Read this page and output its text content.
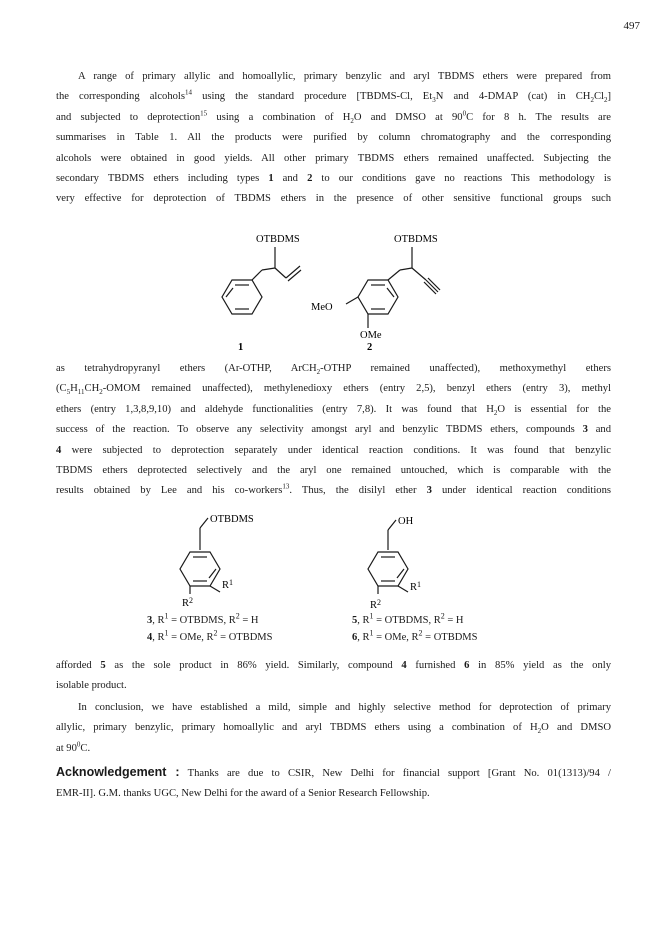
497
A range of primary allylic and homoallylic, primary benzylic and aryl TBDMS ethers were prepared from
the corresponding alcohols$^{14}$ using the standard procedure [TBDMS-Cl, $Et_3N$ and 4-DMAP (cat) in $CH_2Cl_2$]
and subjected to deprotection$^{15}$ using a combination of $H_2O$ and DMSO at $90^0C$ for 8 h. The results are
summarises in Table 1. All the products were purified by column chromatography and the corresponding
alcohols were obtained in good yields. All other primary TBDMS ethers remained unaffected. Subjecting the
secondary TBDMS ethers including types 1 and 2 to our conditions gave no reactions This methodology is
very effective for deprotection of TBDMS ethers in the presence of other sensitive functional groups such
OTBDMS
1
OTBDMS
MeO
OMe
2
as tetrahydropyranyl ethers (Ar-OTHP, ArCH$_2$-OTHP remained unaffected), methoxymethyl ethers
($C_5H_{11}CH_2$-OMOM remained unaffected), methylenedioxy ethers (entry 2,5), benzyl ethers (entry 3), methyl
ethers (entry 1,3,8,9,10) and aldehyde functionalities (entry 7,8). It was found that $H_2O$ is essential for the
success of the reaction. To observe any selectivity amongst aryl and benzylic TBDMS ethers, compounds 3 and
4 were subjected to deprotection separately under identical reaction conditions. It was found that benzylic
TBDMS ethers deprotected selectively and the aryl one remained untouched, which is comparable with the
results obtained by Lee and his co-workers$^{13}$. Thus, the disilyl ether 3 under identical reaction conditions
OTBDMS
$R^1$
$R^2$
OH
$R^1$
$R^2$
3, $R^1$ = OTBDMS, $R^2 = H$
4, $R^1$ = OMe, $R^2$ = OTBDMS
5, $R^1$ = OTBDMS, $R^2 = H$
6, $R^1$ = OMe, $R^2$ = OTBDMS
afforded 5 as the sole product in 86% yield. Similarly, compound 4 furnished 6 in 85% yield as the only
isolable product.
In conclusion, we have established a mild, simple and highly selective method for deprotection of primary
allylic, primary benzylic, primary homoallylic and aryl TBDMS ethers using a combination of $H_2O$ and DMSO
at $90^0C$.
Acknowledgement : Thanks are due to CSIR, New Delhi for financial support [Grant No. 01(1313)/94 /
EMR-II]. G.M. thanks UGC, New Delhi for the award of a Senior Research Fellowship.
